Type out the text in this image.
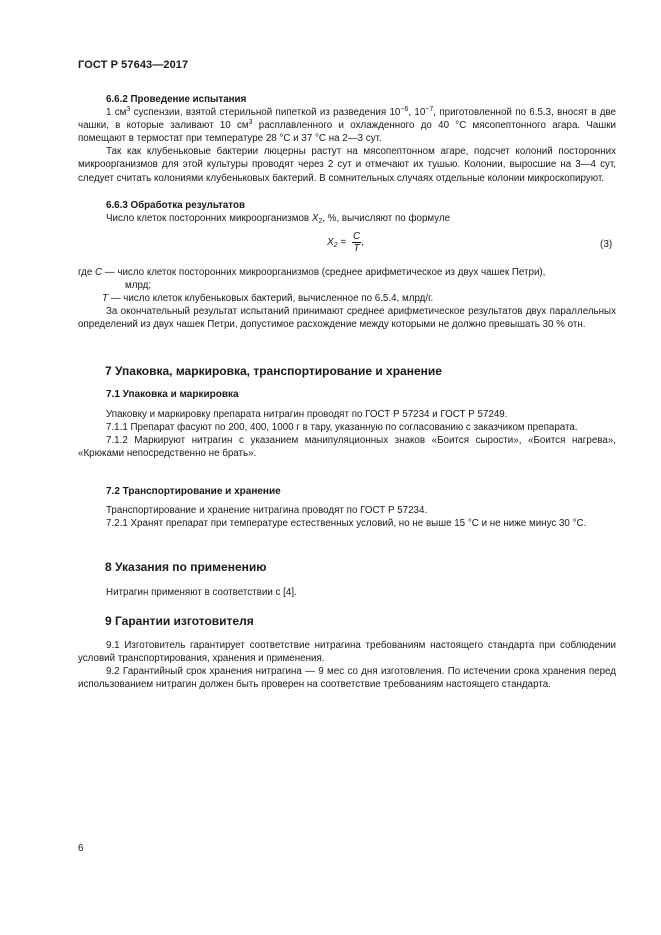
ГОСТ Р 57643—2017

6.6.2 Проведение испытания

1 $см^3$ суспензии, взятой стерильной пипеткой из разведения $10^{-6}$, $10^{-7}$, приготовленной по 6.5.3, вносят в две чашки, в которые заливают 10 $см^3$ расплавленного и охлажденного до 40 °С мясопептонного агара. Чашки помещают в термостат при температуре 28 °С и 37 °С на 2—3 сут.

Так как клубеньковые бактерии люцерны растут на мясопептонном агаре, подсчет колоний посторонних микроорганизмов для этой культуры проводят через 2 сут и отмечают их тушью. Колонии, выросшие на 3—4 сут, следует считать колониями клубеньковых бактерий. В сомнительных случаях отдельные колонии микроскопируют.

6.6.3 Обработка результатов

Число клеток посторонних микроорганизмов $X_2$, %, вычисляют по формуле

$X_2 = \frac{C}{T}$ ,	(3)

где C — число клеток посторонних микроорганизмов (среднее арифметическое из двух чашек Петри),

млрд;

T — число клеток клубеньковых бактерий, вычисленное по 6.5.4, млрд/г.

За окончательный результат испытаний принимают среднее арифметическое результатов двух параллельных определений из двух чашек Петри, допустимое расхождение между которыми не должно превышать 30 % отн.

7 Упаковка, маркировка, транспортирование и хранение
7.1 Упаковка и маркировка

Упаковку и маркировку препарата нитрагин проводят по ГОСТ Р 57234 и ГОСТ Р 57249.

7.1.1 Препарат фасуют по 200, 400, 1000 г в тару, указанную по согласованию с заказчиком препарата.

7.1.2 Маркируют нитрагин с указанием манипуляционных знаков «Боится сырости», «Боится нагрева», «Крюками непосредственно не брать».

7.2 Транспортирование и хранение

Транспортирование и хранение нитрагина проводят по ГОСТ Р 57234.

7.2.1 Хранят препарат при температуре естественных условий, но не выше 15 °С и не ниже минус 30 °С.

8 Указания по применению

Нитрагин применяют в соответствии с [4].

9 Гарантии изготовителя

9.1 Изготовитель гарантирует соответствие нитрагина требованиям настоящего стандарта при соблюдении условий транспортирования, хранения и применения.

9.2 Гарантийный срок хранения нитрагина — 9 мес со дня изготовления. По истечении срока хранения перед использованием нитрагин должен быть проверен на соответствие требованиям настоящего стандарта.

6
